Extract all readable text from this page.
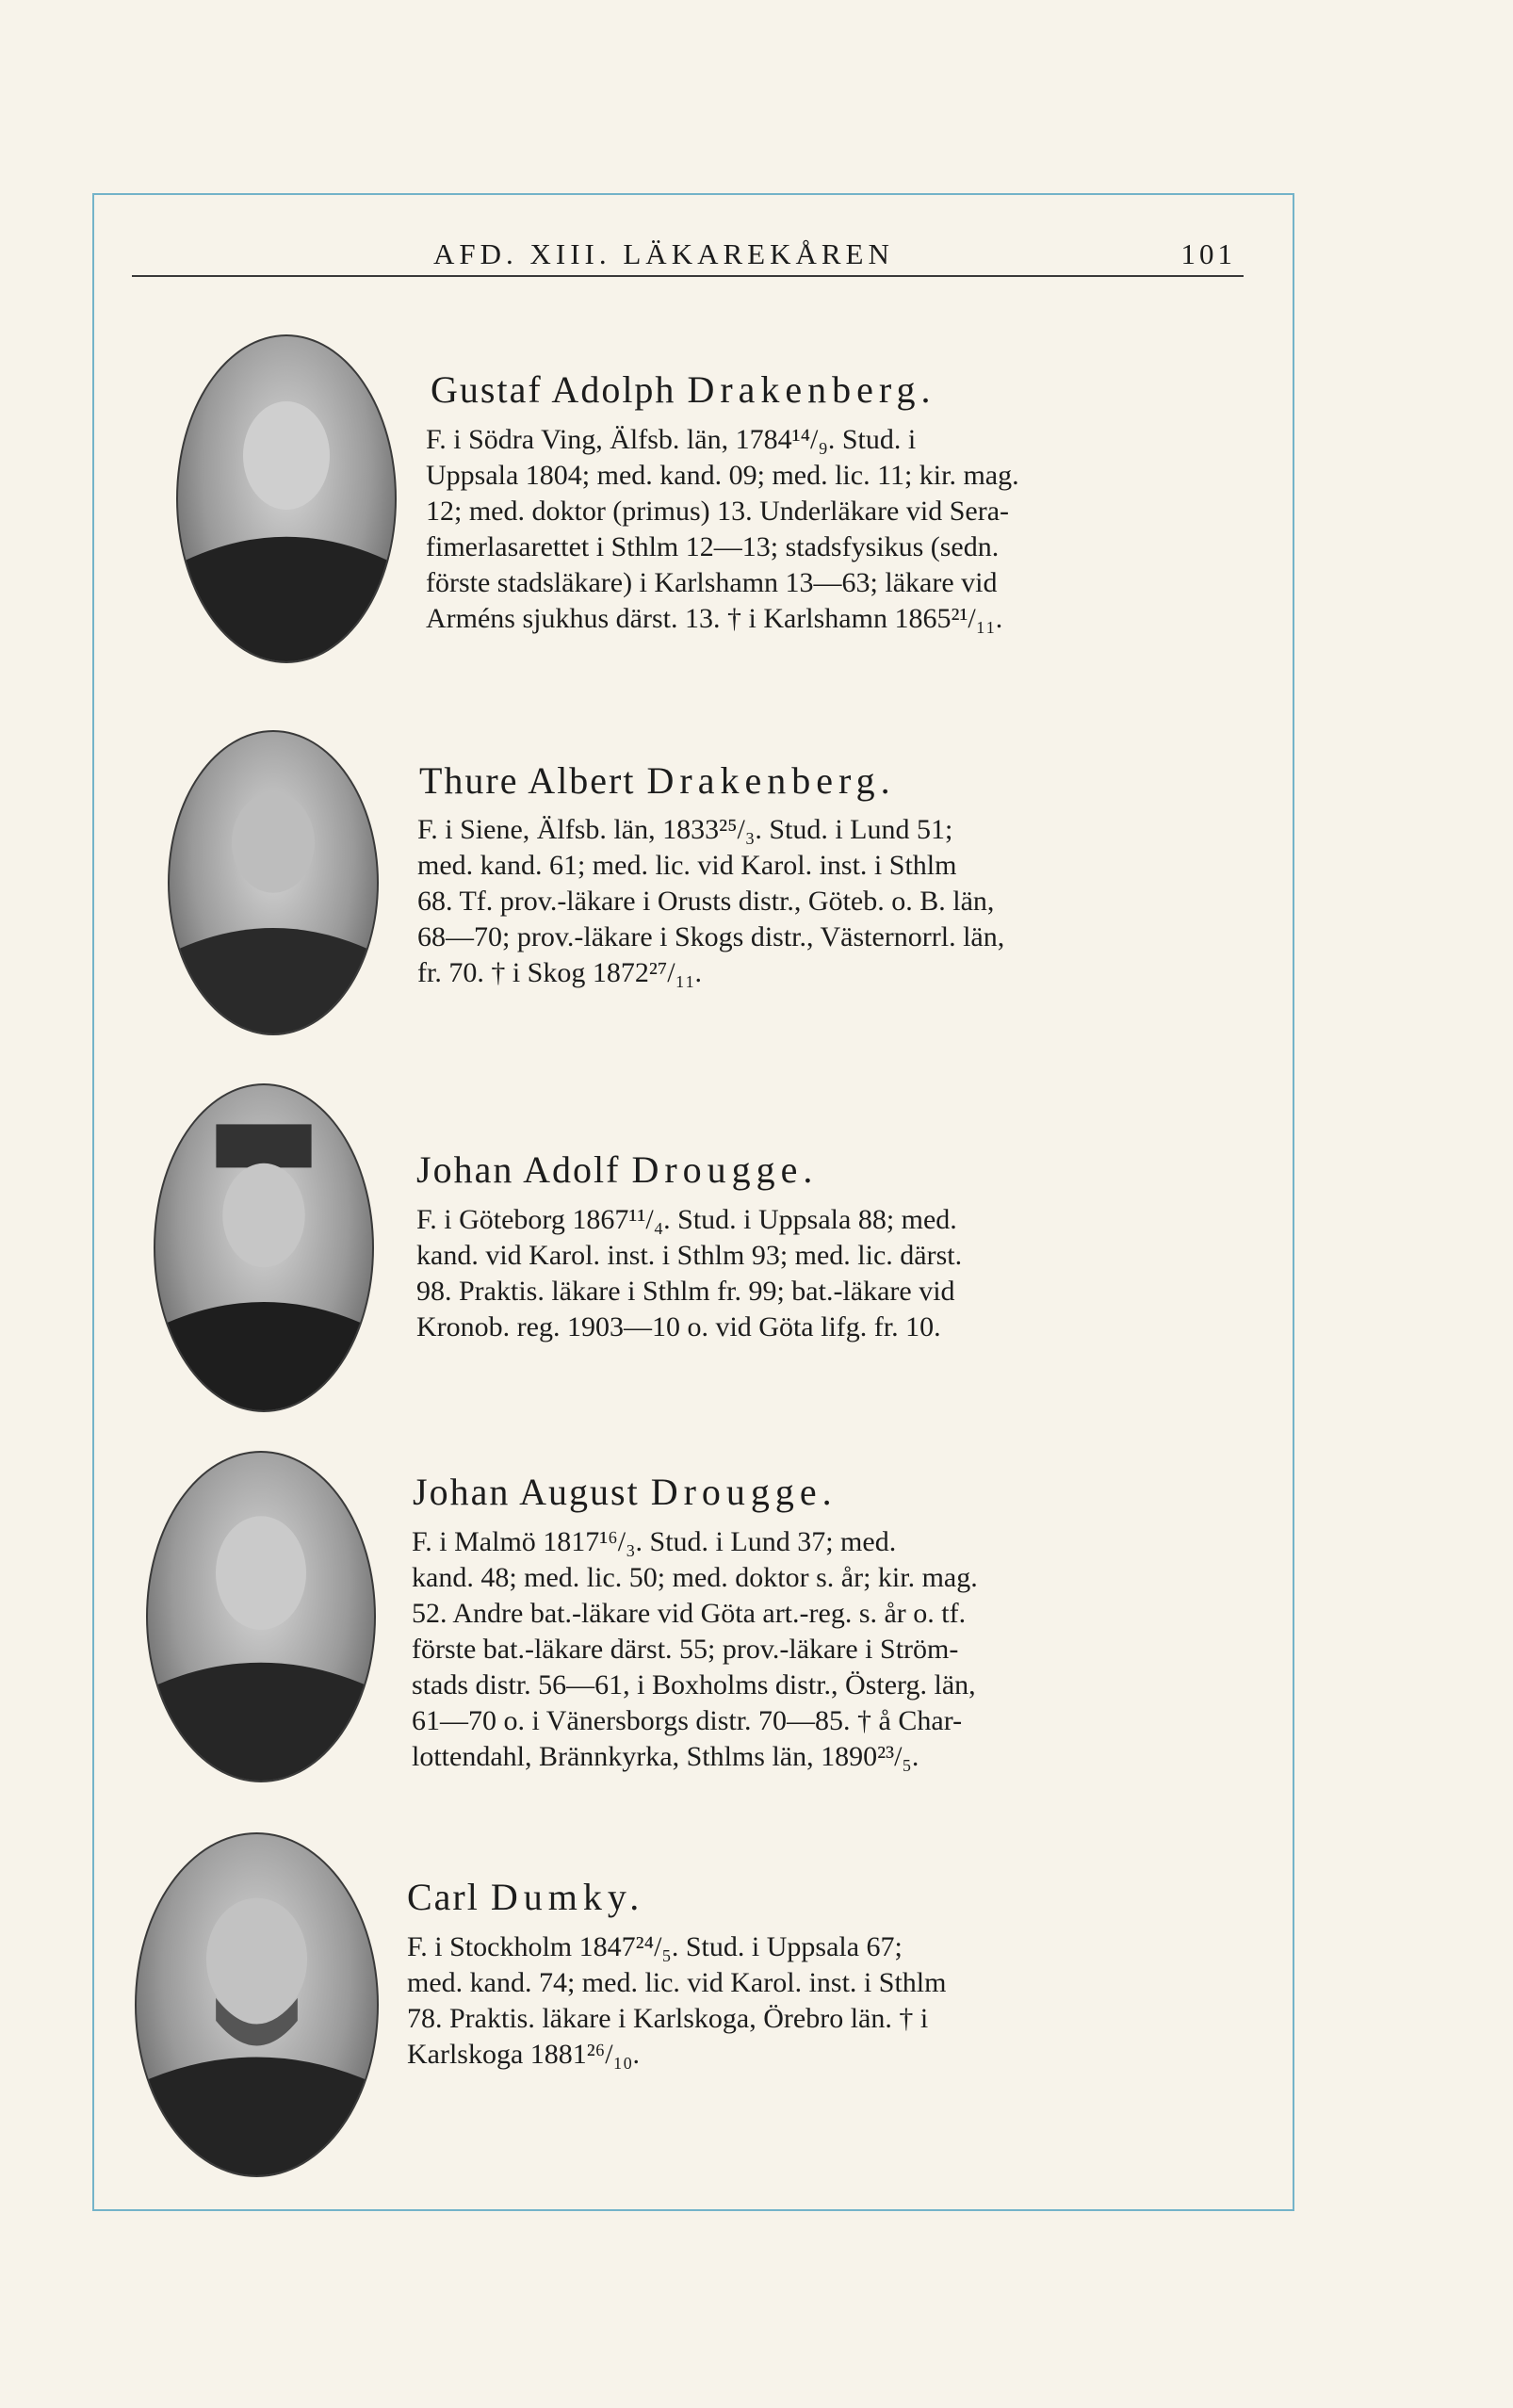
AFD. XIII. LÄKAREKÅREN	101
Gustaf Adolph Drakenberg.

F. i Södra Ving, Älfsb. län, 1784¹⁴/₉. Stud. i

Uppsala 1804; med. kand. 09; med. lic. 11; kir. mag.

12; med. doktor (primus) 13. Underläkare vid Sera-

fimerlasarettet i Sthlm 12—13; stadsfysikus (sedn.

förste stadsläkare) i Karlshamn 13—63; läkare vid

Arméns sjukhus därst. 13. † i Karlshamn 1865²¹/₁₁.

Thure Albert Drakenberg.

F. i Siene, Älfsb. län, 1833²⁵/₃. Stud. i Lund 51;

med. kand. 61; med. lic. vid Karol. inst. i Sthlm

68. Tf. prov.-läkare i Orusts distr., Göteb. o. B. län,

68—70; prov.-läkare i Skogs distr., Västernorrl. län,

fr. 70. † i Skog 1872²⁷/₁₁.

Johan Adolf Drougge.

F. i Göteborg 1867¹¹/₄. Stud. i Uppsala 88; med.

kand. vid Karol. inst. i Sthlm 93; med. lic. därst.

98. Praktis. läkare i Sthlm fr. 99; bat.-läkare vid

Kronob. reg. 1903—10 o. vid Göta lifg. fr. 10.

Johan August Drougge.

F. i Malmö 1817¹⁶/₃. Stud. i Lund 37; med.

kand. 48; med. lic. 50; med. doktor s. år; kir. mag.

52. Andre bat.-läkare vid Göta art.-reg. s. år o. tf.

förste bat.-läkare därst. 55; prov.-läkare i Ström-

stads distr. 56—61, i Boxholms distr., Österg. län,

61—70 o. i Vänersborgs distr. 70—85. † å Char-

lottendahl, Brännkyrka, Sthlms län, 1890²³/₅.

Carl Dumky.

F. i Stockholm 1847²⁴/₅. Stud. i Uppsala 67;

med. kand. 74; med. lic. vid Karol. inst. i Sthlm

78. Praktis. läkare i Karlskoga, Örebro län. † i

Karlskoga 1881²⁶/₁₀.
